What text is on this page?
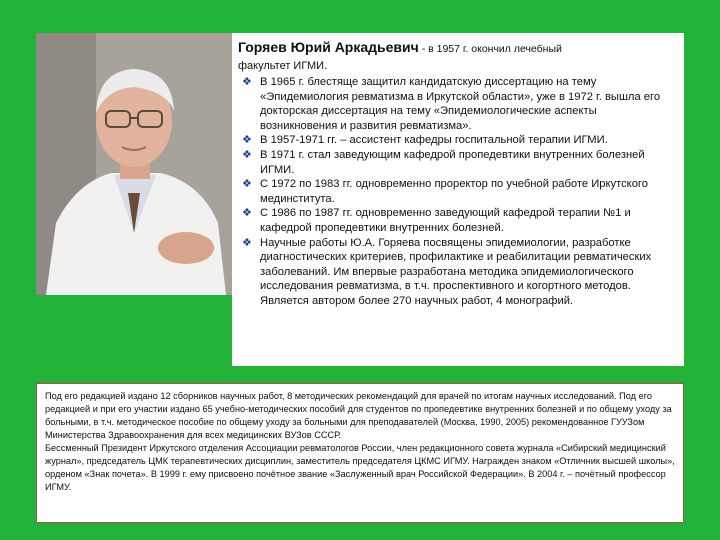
Горяев Юрий Аркадьевич - в 1957 г. окончил лечебный
факультет ИГМИ.
❖ В 1965 г. блестяще защитил кандидатскую диссертацию на тему «Эпидемиология ревматизма в Иркутской области», уже в 1972 г. вышла его докторская диссертация на тему «Эпидемиологические аспекты возникновения и развития ревматизма».
❖ В 1957-1971 гг. – ассистент кафедры госпитальной терапии ИГМИ.
❖ В 1971 г. стал заведующим кафедрой пропедевтики внутренних болезней ИГМИ.
❖ С 1972 по 1983 гг. одновременно проректор по учебной работе Иркутского мединститута.
❖ С 1986 по 1987 гг. одновременно заведующий кафедрой терапии №1 и кафедрой пропедевтики внутренних болезней.
❖ Научные работы Ю.А. Горяева посвящены эпидемиологии, разработке диагностических критериев, профилактике и реабилитации ревматических заболеваний. Им впервые разработана методика эпидемиологического исследования ревматизма, в т.ч. проспективного и когортного методов. Является автором более 270 научных работ, 4 монографий.

Под его редакцией издано 12 сборников научных работ, 8 методических рекомендаций для врачей по итогам научных исследований. Под его редакцией и при его участии издано 65 учебно-методических пособий для студентов по пропедевтике внутренних болезней и по общему уходу за больными, в т.ч. методическое пособие по общему уходу за больными для преподавателей (Москва, 1990, 2005) рекомендованное ГУУЗом Министерства Здравоохранения для всех медицинских ВУЗов СССР.

Бессменный Президент Иркутского отделения Ассоциации ревматологов России, член редакционного совета журнала «Сибирский медицинский журнал», председатель ЦМК терапевтических дисциплин, заместитель председателя ЦКМС ИГМУ. Награжден знаком «Отличник высшей школы», орденом «Знак почета». В 1999 г. ему присвоено почётное звание «Заслуженный врач Российской Федерации». В 2004 г. – почётный профессор ИГМУ.
